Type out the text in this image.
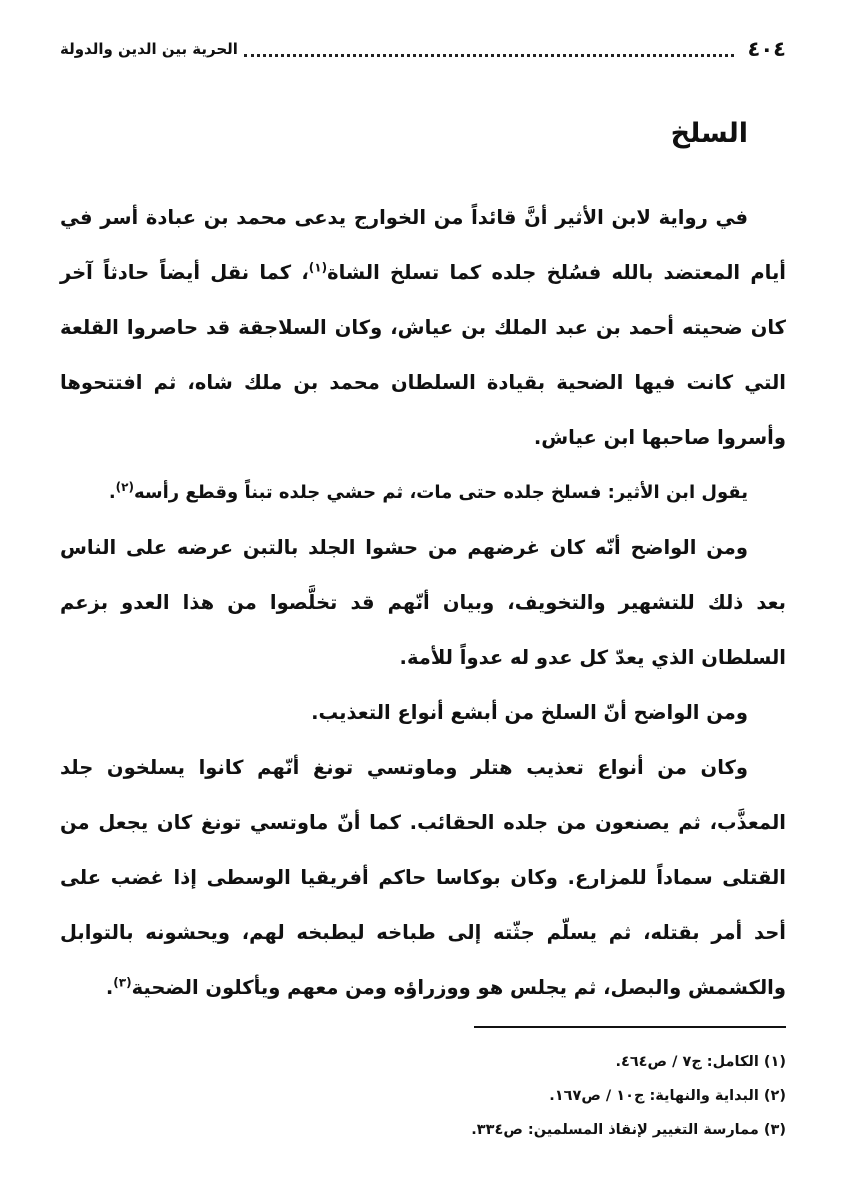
٤٠٤
الحرية بين الدين والدولة
السلخ

في رواية لابن الأثير أنَّ قائداً من الخوارج يدعى محمد بن عبادة أسر في أيام المعتضد بالله فسُلخ جلده كما تسلخ الشاة$^{(١)}$، كما نقل أيضاً حادثاً آخر كان ضحيته أحمد بن عبد الملك بن عياش، وكان السلاجقة قد حاصروا القلعة التي كانت فيها الضحية بقيادة السلطان محمد بن ملك شاه، ثم افتتحوها وأسروا صاحبها ابن عياش.

يقول ابن الأثير: فسلخ جلده حتى مات، ثم حشي جلده تبناً وقطع رأسه$^{(٢)}$.

ومن الواضح أنّه كان غرضهم من حشوا الجلد بالتبن عرضه على الناس بعد ذلك للتشهير والتخويف، وبيان أنّهم قد تخلَّصوا من هذا العدو بزعم السلطان الذي يعدّ كل عدو له عدواً للأمة.

ومن الواضح أنّ السلخ من أبشع أنواع التعذيب.

وكان من أنواع تعذيب هتلر وماوتسي تونغ أنّهم كانوا يسلخون جلد المعذَّب، ثم يصنعون من جلده الحقائب. كما أنّ ماوتسي تونغ كان يجعل من القتلى سماداً للمزارع. وكان بوكاسا حاكم أفريقيا الوسطى إذا غضب على أحد أمر بقتله، ثم يسلّم جثّته إلى طباخه ليطبخه لهم، ويحشونه بالتوابل والكشمش والبصل، ثم يجلس هو ووزراؤه ومن معهم ويأكلون الضحية$^{(٣)}$.

(١) الكامل: ج٧ / ص٤٦٤.
(٢) البداية والنهاية: ج١٠ / ص١٦٧.
(٣) ممارسة التغيير لإنقاذ المسلمين: ص٣٣٤.
